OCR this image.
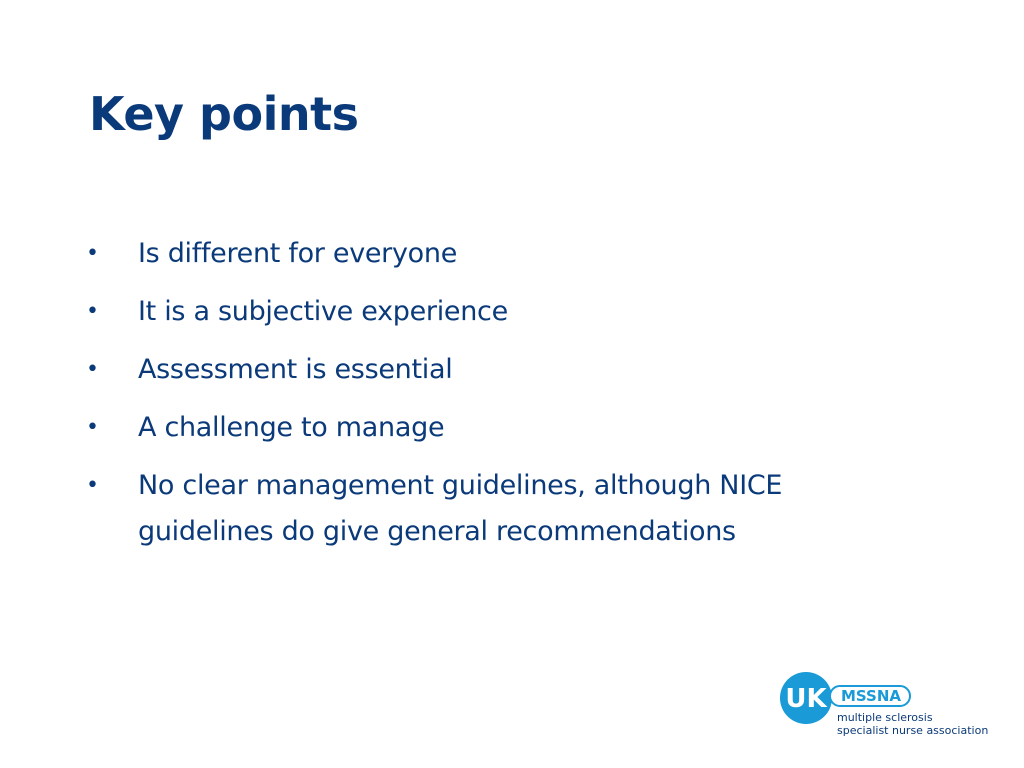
Key points
•	Is different for everyone
•	It is a subjective experience
•	Assessment is essential
•	A challenge to manage
•	No clear management guidelines, although NICE guidelines do give general recommendations
UK MSSNA
multiple sclerosis
specialist nurse association
